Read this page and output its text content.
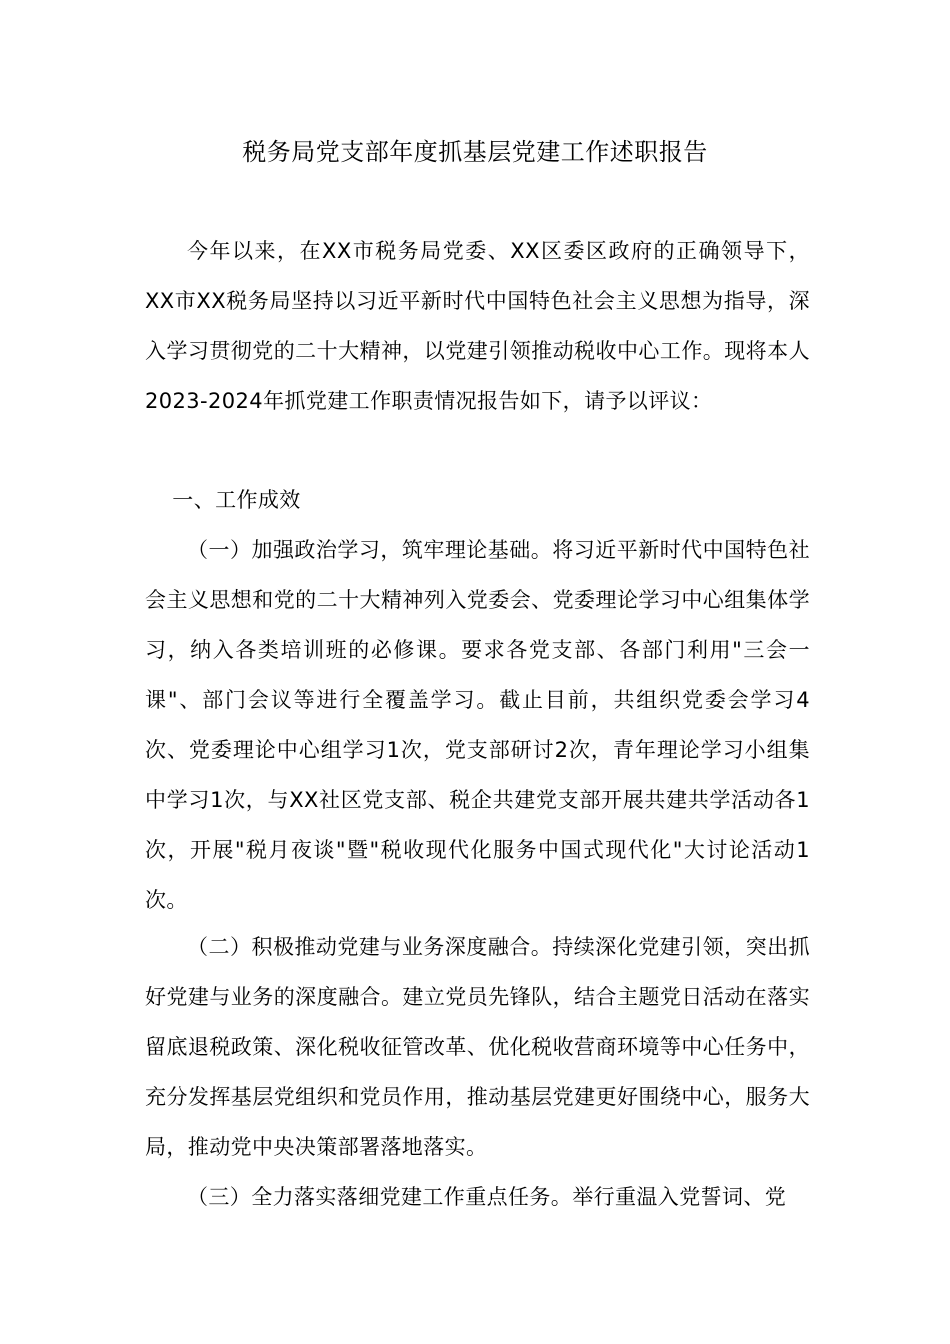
税务局党支部年度抓基层党建工作述职报告

今年以来，在XX市税务局党委、XX区委区政府的正确领导下，XX市XX税务局坚持以习近平新时代中国特色社会主义思想为指导，深入学习贯彻党的二十大精神，以党建引领推动税收中心工作。现将本人2023-2024年抓党建工作职责情况报告如下，请予以评议：

一、工作成效

（一）加强政治学习，筑牢理论基础。将习近平新时代中国特色社会主义思想和党的二十大精神列入党委会、党委理论学习中心组集体学习，纳入各类培训班的必修课。要求各党支部、各部门利用"三会一课"、部门会议等进行全覆盖学习。截止目前，共组织党委会学习4次、党委理论中心组学习1次，党支部研讨2次，青年理论学习小组集中学习1次，与XX社区党支部、税企共建党支部开展共建共学活动各1次，开展"税月夜谈"暨"税收现代化服务中国式现代化"大讨论活动1次。

（二）积极推动党建与业务深度融合。持续深化党建引领，突出抓好党建与业务的深度融合。建立党员先锋队，结合主题党日活动在落实留底退税政策、深化税收征管改革、优化税收营商环境等中心任务中，充分发挥基层党组织和党员作用，推动基层党建更好围绕中心，服务大局，推动党中央决策部署落地落实。

（三）全力落实落细党建工作重点任务。举行重温入党誓词、党
